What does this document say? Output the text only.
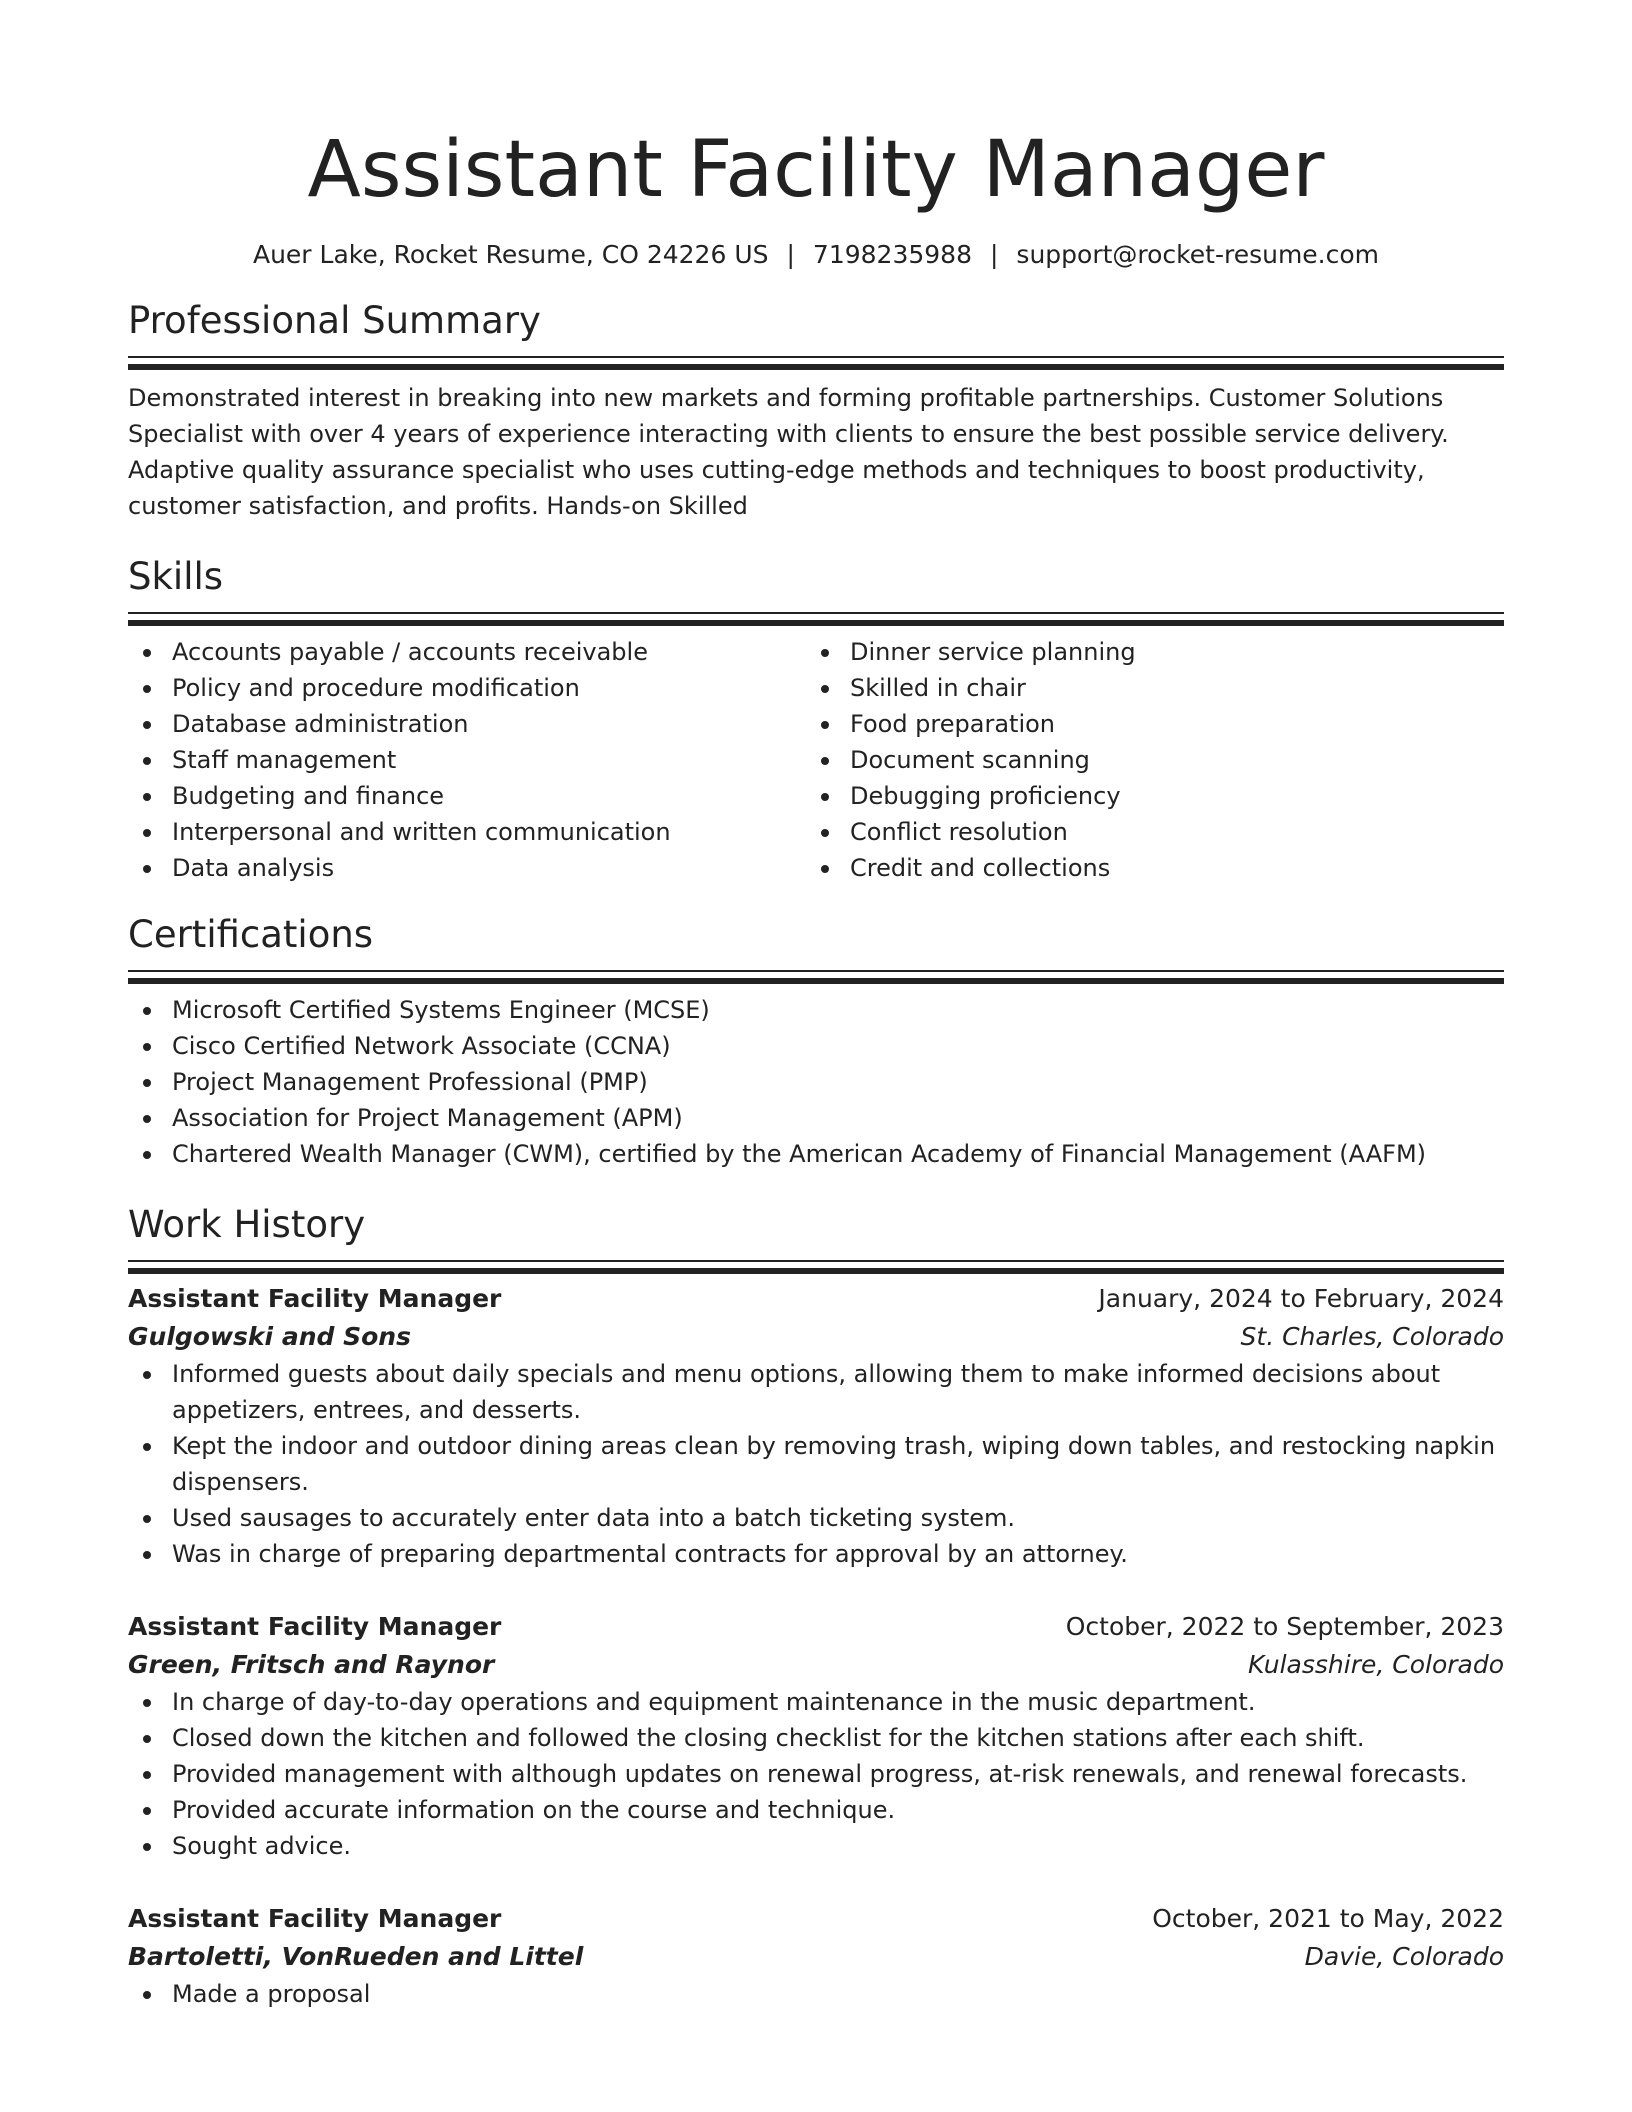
Assistant Facility Manager
Auer Lake, Rocket Resume, CO 24226 US | 7198235988 | support@rocket-resume.com
Professional Summary

Demonstrated interest in breaking into new markets and forming profitable partnerships. Customer Solutions Specialist with over 4 years of experience interacting with clients to ensure the best possible service delivery. Adaptive quality assurance specialist who uses cutting-edge methods and techniques to boost productivity, customer satisfaction, and profits. Hands-on Skilled

Skills
Accounts payable / accounts receivable
Policy and procedure modification
Database administration
Staff management
Budgeting and finance
Interpersonal and written communication
Data analysis
Dinner service planning
Skilled in chair
Food preparation
Document scanning
Debugging proficiency
Conflict resolution
Credit and collections
Certifications
Microsoft Certified Systems Engineer (MCSE)
Cisco Certified Network Associate (CCNA)
Project Management Professional (PMP)
Association for Project Management (APM)
Chartered Wealth Manager (CWM), certified by the American Academy of Financial Management (AAFM)
Work History
Assistant Facility Manager	January, 2024 to February, 2024
Gulgowski and Sons	St. Charles, Colorado
Informed guests about daily specials and menu options, allowing them to make informed decisions about appetizers, entrees, and desserts.
Kept the indoor and outdoor dining areas clean by removing trash, wiping down tables, and restocking napkin dispensers.
Used sausages to accurately enter data into a batch ticketing system.
Was in charge of preparing departmental contracts for approval by an attorney.
Assistant Facility Manager	October, 2022 to September, 2023
Green, Fritsch and Raynor	Kulasshire, Colorado
In charge of day-to-day operations and equipment maintenance in the music department.
Closed down the kitchen and followed the closing checklist for the kitchen stations after each shift.
Provided management with although updates on renewal progress, at-risk renewals, and renewal forecasts.
Provided accurate information on the course and technique.
Sought advice.
Assistant Facility Manager	October, 2021 to May, 2022
Bartoletti, VonRueden and Littel	Davie, Colorado
Made a proposal
